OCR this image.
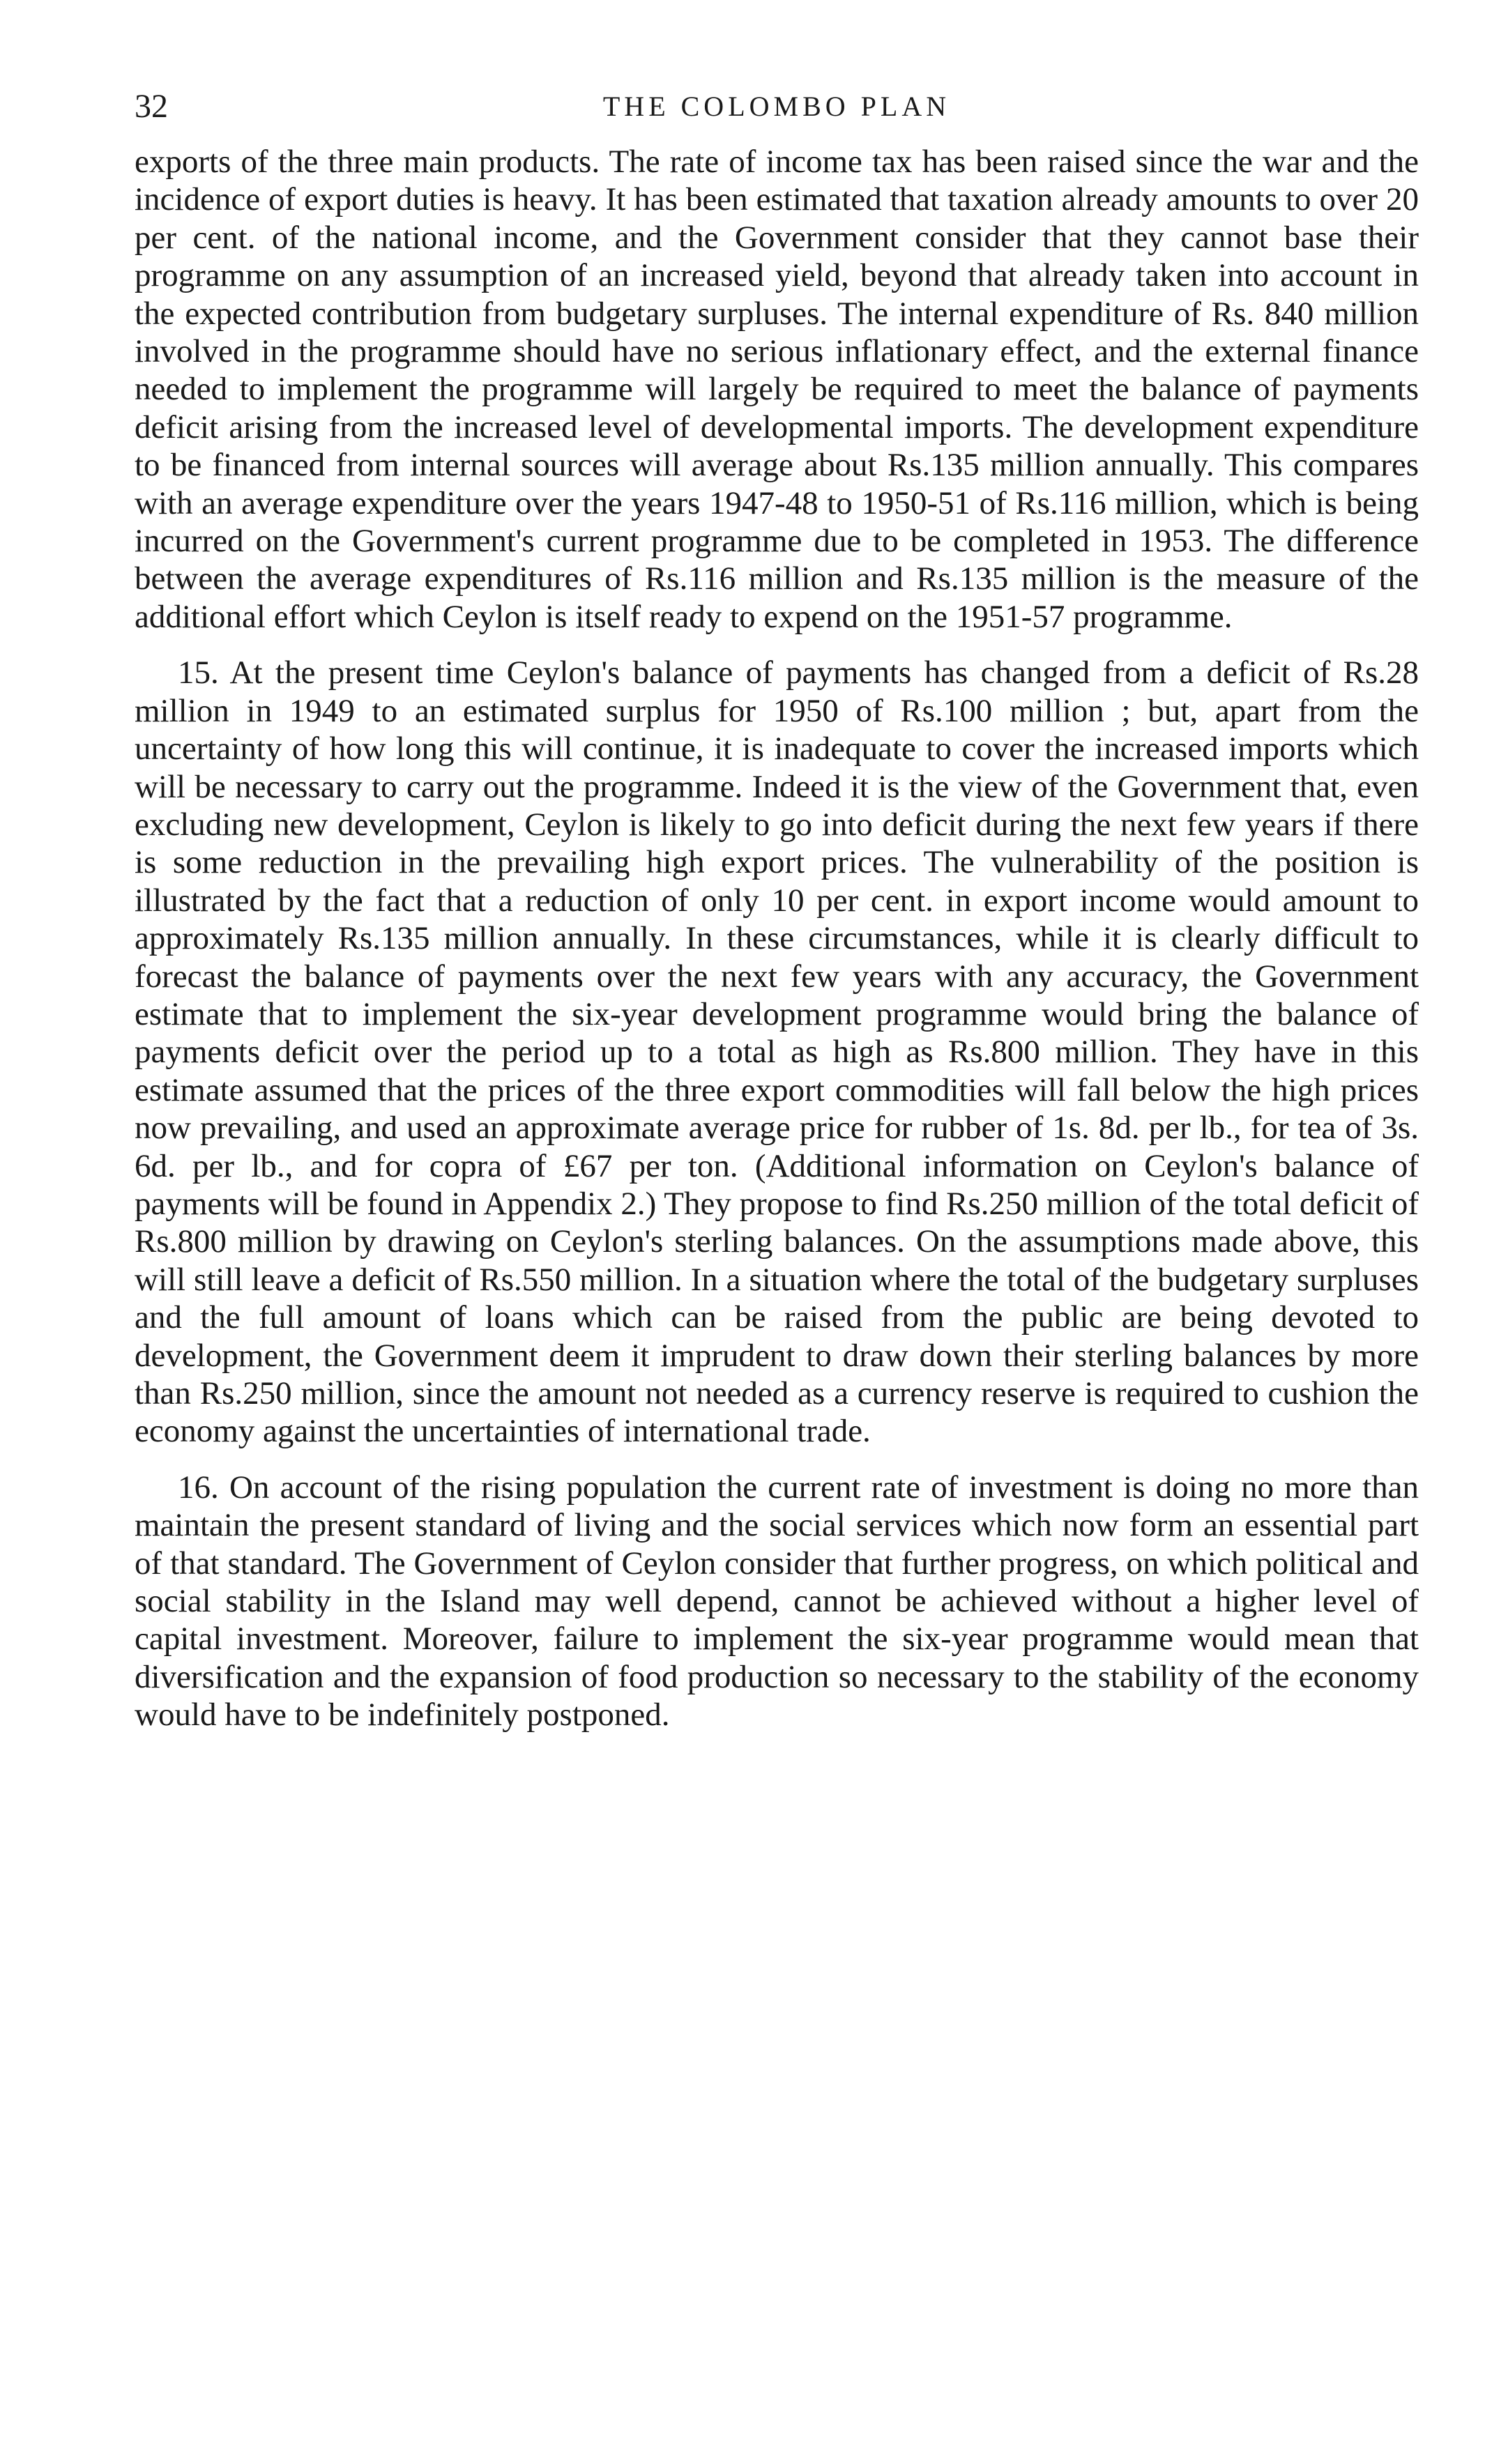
32	THE COLOMBO PLAN

exports of the three main products. The rate of income tax has been raised since the war and the incidence of export duties is heavy. It has been estimated that taxation already amounts to over 20 per cent. of the national income, and the Government consider that they cannot base their programme on any assumption of an increased yield, beyond that already taken into account in the expected contribution from budgetary surpluses. The internal expenditure of Rs. 840 million involved in the programme should have no serious inflationary effect, and the external finance needed to implement the programme will largely be required to meet the balance of payments deficit arising from the increased level of developmental imports. The development expenditure to be financed from internal sources will average about Rs.135 million annually. This compares with an average expenditure over the years 1947-48 to 1950-51 of Rs.116 million, which is being incurred on the Government's current programme due to be completed in 1953. The difference between the average expenditures of Rs.116 million and Rs.135 million is the measure of the additional effort which Ceylon is itself ready to expend on the 1951-57 programme.

15. At the present time Ceylon's balance of payments has changed from a deficit of Rs.28 million in 1949 to an estimated surplus for 1950 of Rs.100 million ; but, apart from the uncertainty of how long this will continue, it is inadequate to cover the increased imports which will be necessary to carry out the programme. Indeed it is the view of the Government that, even excluding new development, Ceylon is likely to go into deficit during the next few years if there is some reduction in the prevailing high export prices. The vulnerability of the position is illustrated by the fact that a reduction of only 10 per cent. in export income would amount to approximately Rs.135 million annually. In these circumstances, while it is clearly difficult to forecast the balance of payments over the next few years with any accuracy, the Government estimate that to implement the six-year development programme would bring the balance of payments deficit over the period up to a total as high as Rs.800 million. They have in this estimate assumed that the prices of the three export commodities will fall below the high prices now prevailing, and used an approximate average price for rubber of 1s. 8d. per lb., for tea of 3s. 6d. per lb., and for copra of £67 per ton. (Additional information on Ceylon's balance of payments will be found in Appendix 2.) They propose to find Rs.250 million of the total deficit of Rs.800 million by drawing on Ceylon's sterling balances. On the assumptions made above, this will still leave a deficit of Rs.550 million. In a situation where the total of the budgetary surpluses and the full amount of loans which can be raised from the public are being devoted to development, the Government deem it imprudent to draw down their sterling balances by more than Rs.250 million, since the amount not needed as a currency reserve is required to cushion the economy against the uncertainties of international trade.

16. On account of the rising population the current rate of investment is doing no more than maintain the present standard of living and the social services which now form an essential part of that standard. The Government of Ceylon consider that further progress, on which political and social stability in the Island may well depend, cannot be achieved without a higher level of capital investment. Moreover, failure to implement the six-year programme would mean that diversification and the expansion of food production so necessary to the stability of the economy would have to be indefinitely postponed.
